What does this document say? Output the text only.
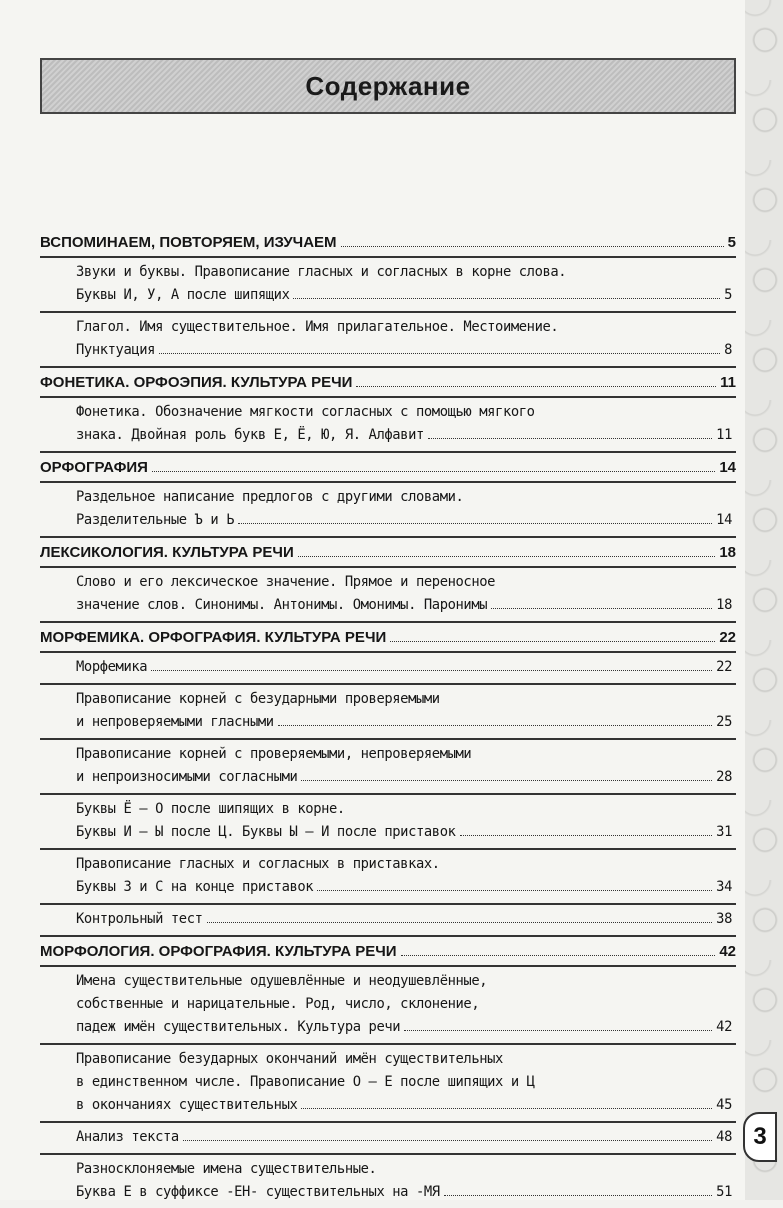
Содержание
ВСПОМИНАЕМ, ПОВТОРЯЕМ, ИЗУЧАЕМ	5
Звуки и буквы. Правописание гласных и согласных в корне слова.
Буквы И, У, А после шипящих	5
Глагол. Имя существительное. Имя прилагательное. Местоимение.
Пунктуация	8
ФОНЕТИКА. ОРФОЭПИЯ. КУЛЬТУРА РЕЧИ	11
Фонетика. Обозначение мягкости согласных с помощью мягкого
знака. Двойная роль букв Е, Ё, Ю, Я. Алфавит	11
ОРФОГРАФИЯ	14
Раздельное написание предлогов с другими словами.
Разделительные Ъ и Ь	14
ЛЕКСИКОЛОГИЯ. КУЛЬТУРА РЕЧИ	18
Слово и его лексическое значение. Прямое и переносное
значение слов. Синонимы. Антонимы. Омонимы. Паронимы	18
МОРФЕМИКА. ОРФОГРАФИЯ. КУЛЬТУРА РЕЧИ	22
Морфемика	22
Правописание корней с безударными проверяемыми
и непроверяемыми гласными	25
Правописание корней с проверяемыми, непроверяемыми
и непроизносимыми согласными	28
Буквы Ё — О после шипящих в корне.
Буквы И — Ы после Ц. Буквы Ы — И после приставок	31
Правописание гласных и согласных в приставках.
Буквы З и С на конце приставок	34
Контрольный тест	38
МОРФОЛОГИЯ. ОРФОГРАФИЯ. КУЛЬТУРА РЕЧИ	42
Имена существительные одушевлённые и неодушевлённые,
собственные и нарицательные. Род, число, склонение,
падеж имён существительных. Культура речи	42
Правописание безударных окончаний имён существительных
в единственном числе. Правописание О — Е после шипящих и Ц
в окончаниях существительных	45
Анализ текста	48
Разносклоняемые имена существительные.
Буква Е в суффиксе -ЕН- существительных на -МЯ	51
3
